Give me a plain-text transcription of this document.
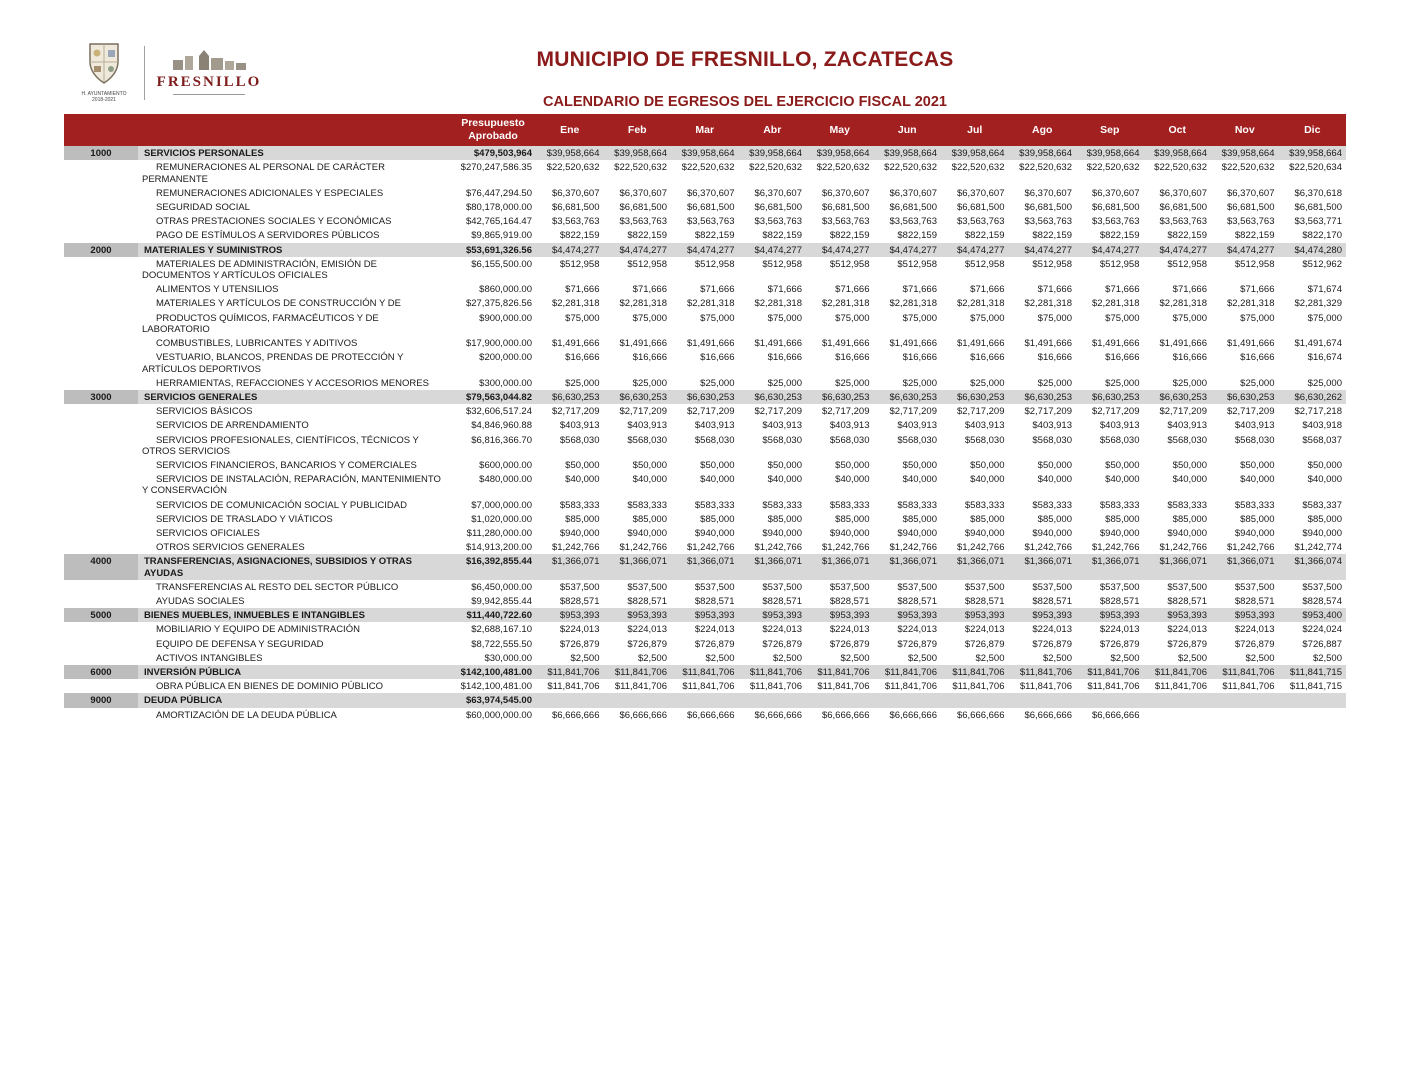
H. AYUNTAMIENTO
2018-2021
FRESNILLO
MUNICIPIO DE FRESNILLO, ZACATECAS
CALENDARIO DE EGRESOS DEL EJERCICIO FISCAL 2021
		Presupuesto Aprobado	Ene	Feb	Mar	Abr	May	Jun	Jul	Ago	Sep	Oct	Nov	Dic
1000	SERVICIOS PERSONALES	$479,503,964	$39,958,664	$39,958,664	$39,958,664	$39,958,664	$39,958,664	$39,958,664	$39,958,664	$39,958,664	$39,958,664	$39,958,664	$39,958,664	$39,958,664
	REMUNERACIONES AL PERSONAL DE CARÁCTER PERMANENTE	$270,247,586.35	$22,520,632	$22,520,632	$22,520,632	$22,520,632	$22,520,632	$22,520,632	$22,520,632	$22,520,632	$22,520,632	$22,520,632	$22,520,632	$22,520,634
	REMUNERACIONES ADICIONALES Y ESPECIALES	$76,447,294.50	$6,370,607	$6,370,607	$6,370,607	$6,370,607	$6,370,607	$6,370,607	$6,370,607	$6,370,607	$6,370,607	$6,370,607	$6,370,607	$6,370,618
	SEGURIDAD SOCIAL	$80,178,000.00	$6,681,500	$6,681,500	$6,681,500	$6,681,500	$6,681,500	$6,681,500	$6,681,500	$6,681,500	$6,681,500	$6,681,500	$6,681,500	$6,681,500
	OTRAS PRESTACIONES SOCIALES Y ECONÓMICAS	$42,765,164.47	$3,563,763	$3,563,763	$3,563,763	$3,563,763	$3,563,763	$3,563,763	$3,563,763	$3,563,763	$3,563,763	$3,563,763	$3,563,763	$3,563,771
	PAGO DE ESTÍMULOS A SERVIDORES PÚBLICOS	$9,865,919.00	$822,159	$822,159	$822,159	$822,159	$822,159	$822,159	$822,159	$822,159	$822,159	$822,159	$822,159	$822,170
2000	MATERIALES Y SUMINISTROS	$53,691,326.56	$4,474,277	$4,474,277	$4,474,277	$4,474,277	$4,474,277	$4,474,277	$4,474,277	$4,474,277	$4,474,277	$4,474,277	$4,474,277	$4,474,280
	MATERIALES DE ADMINISTRACIÓN, EMISIÓN DE DOCUMENTOS Y ARTÍCULOS OFICIALES	$6,155,500.00	$512,958	$512,958	$512,958	$512,958	$512,958	$512,958	$512,958	$512,958	$512,958	$512,958	$512,958	$512,962
	ALIMENTOS Y UTENSILIOS	$860,000.00	$71,666	$71,666	$71,666	$71,666	$71,666	$71,666	$71,666	$71,666	$71,666	$71,666	$71,666	$71,674
	MATERIALES Y ARTÍCULOS DE CONSTRUCCIÓN Y DE	$27,375,826.56	$2,281,318	$2,281,318	$2,281,318	$2,281,318	$2,281,318	$2,281,318	$2,281,318	$2,281,318	$2,281,318	$2,281,318	$2,281,318	$2,281,329
	PRODUCTOS QUÍMICOS, FARMACÉUTICOS Y DE LABORATORIO	$900,000.00	$75,000	$75,000	$75,000	$75,000	$75,000	$75,000	$75,000	$75,000	$75,000	$75,000	$75,000	$75,000
	COMBUSTIBLES, LUBRICANTES Y ADITIVOS	$17,900,000.00	$1,491,666	$1,491,666	$1,491,666	$1,491,666	$1,491,666	$1,491,666	$1,491,666	$1,491,666	$1,491,666	$1,491,666	$1,491,666	$1,491,674
	VESTUARIO, BLANCOS, PRENDAS DE PROTECCIÓN Y ARTÍCULOS DEPORTIVOS	$200,000.00	$16,666	$16,666	$16,666	$16,666	$16,666	$16,666	$16,666	$16,666	$16,666	$16,666	$16,666	$16,674
	HERRAMIENTAS, REFACCIONES Y ACCESORIOS MENORES	$300,000.00	$25,000	$25,000	$25,000	$25,000	$25,000	$25,000	$25,000	$25,000	$25,000	$25,000	$25,000	$25,000
3000	SERVICIOS GENERALES	$79,563,044.82	$6,630,253	$6,630,253	$6,630,253	$6,630,253	$6,630,253	$6,630,253	$6,630,253	$6,630,253	$6,630,253	$6,630,253	$6,630,253	$6,630,262
	SERVICIOS BÁSICOS	$32,606,517.24	$2,717,209	$2,717,209	$2,717,209	$2,717,209	$2,717,209	$2,717,209	$2,717,209	$2,717,209	$2,717,209	$2,717,209	$2,717,209	$2,717,218
	SERVICIOS DE ARRENDAMIENTO	$4,846,960.88	$403,913	$403,913	$403,913	$403,913	$403,913	$403,913	$403,913	$403,913	$403,913	$403,913	$403,913	$403,918
	SERVICIOS PROFESIONALES, CIENTÍFICOS, TÉCNICOS Y OTROS SERVICIOS	$6,816,366.70	$568,030	$568,030	$568,030	$568,030	$568,030	$568,030	$568,030	$568,030	$568,030	$568,030	$568,030	$568,037
	SERVICIOS FINANCIEROS, BANCARIOS Y COMERCIALES	$600,000.00	$50,000	$50,000	$50,000	$50,000	$50,000	$50,000	$50,000	$50,000	$50,000	$50,000	$50,000	$50,000
	SERVICIOS DE INSTALACIÓN, REPARACIÓN, MANTENIMIENTO Y CONSERVACIÓN	$480,000.00	$40,000	$40,000	$40,000	$40,000	$40,000	$40,000	$40,000	$40,000	$40,000	$40,000	$40,000	$40,000
	SERVICIOS DE COMUNICACIÓN SOCIAL Y PUBLICIDAD	$7,000,000.00	$583,333	$583,333	$583,333	$583,333	$583,333	$583,333	$583,333	$583,333	$583,333	$583,333	$583,333	$583,337
	SERVICIOS DE TRASLADO Y VIÁTICOS	$1,020,000.00	$85,000	$85,000	$85,000	$85,000	$85,000	$85,000	$85,000	$85,000	$85,000	$85,000	$85,000	$85,000
	SERVICIOS OFICIALES	$11,280,000.00	$940,000	$940,000	$940,000	$940,000	$940,000	$940,000	$940,000	$940,000	$940,000	$940,000	$940,000	$940,000
	OTROS SERVICIOS GENERALES	$14,913,200.00	$1,242,766	$1,242,766	$1,242,766	$1,242,766	$1,242,766	$1,242,766	$1,242,766	$1,242,766	$1,242,766	$1,242,766	$1,242,766	$1,242,774
4000	TRANSFERENCIAS, ASIGNACIONES, SUBSIDIOS Y OTRAS AYUDAS	$16,392,855.44	$1,366,071	$1,366,071	$1,366,071	$1,366,071	$1,366,071	$1,366,071	$1,366,071	$1,366,071	$1,366,071	$1,366,071	$1,366,071	$1,366,074
	TRANSFERENCIAS AL RESTO DEL SECTOR PÚBLICO	$6,450,000.00	$537,500	$537,500	$537,500	$537,500	$537,500	$537,500	$537,500	$537,500	$537,500	$537,500	$537,500	$537,500
	AYUDAS SOCIALES	$9,942,855.44	$828,571	$828,571	$828,571	$828,571	$828,571	$828,571	$828,571	$828,571	$828,571	$828,571	$828,571	$828,574
5000	BIENES MUEBLES, INMUEBLES E INTANGIBLES	$11,440,722.60	$953,393	$953,393	$953,393	$953,393	$953,393	$953,393	$953,393	$953,393	$953,393	$953,393	$953,393	$953,400
	MOBILIARIO Y EQUIPO DE ADMINISTRACIÓN	$2,688,167.10	$224,013	$224,013	$224,013	$224,013	$224,013	$224,013	$224,013	$224,013	$224,013	$224,013	$224,013	$224,024
	EQUIPO DE DEFENSA Y SEGURIDAD	$8,722,555.50	$726,879	$726,879	$726,879	$726,879	$726,879	$726,879	$726,879	$726,879	$726,879	$726,879	$726,879	$726,887
	ACTIVOS INTANGIBLES	$30,000.00	$2,500	$2,500	$2,500	$2,500	$2,500	$2,500	$2,500	$2,500	$2,500	$2,500	$2,500	$2,500
6000	INVERSIÓN PÚBLICA	$142,100,481.00	$11,841,706	$11,841,706	$11,841,706	$11,841,706	$11,841,706	$11,841,706	$11,841,706	$11,841,706	$11,841,706	$11,841,706	$11,841,706	$11,841,715
	OBRA PÚBLICA EN BIENES DE DOMINIO PÚBLICO	$142,100,481.00	$11,841,706	$11,841,706	$11,841,706	$11,841,706	$11,841,706	$11,841,706	$11,841,706	$11,841,706	$11,841,706	$11,841,706	$11,841,706	$11,841,715
9000	DEUDA PÚBLICA	$63,974,545.00												
	AMORTIZACIÓN DE LA DEUDA PÚBLICA	$60,000,000.00	$6,666,666	$6,666,666	$6,666,666	$6,666,666	$6,666,666	$6,666,666	$6,666,666	$6,666,666	$6,666,666			
